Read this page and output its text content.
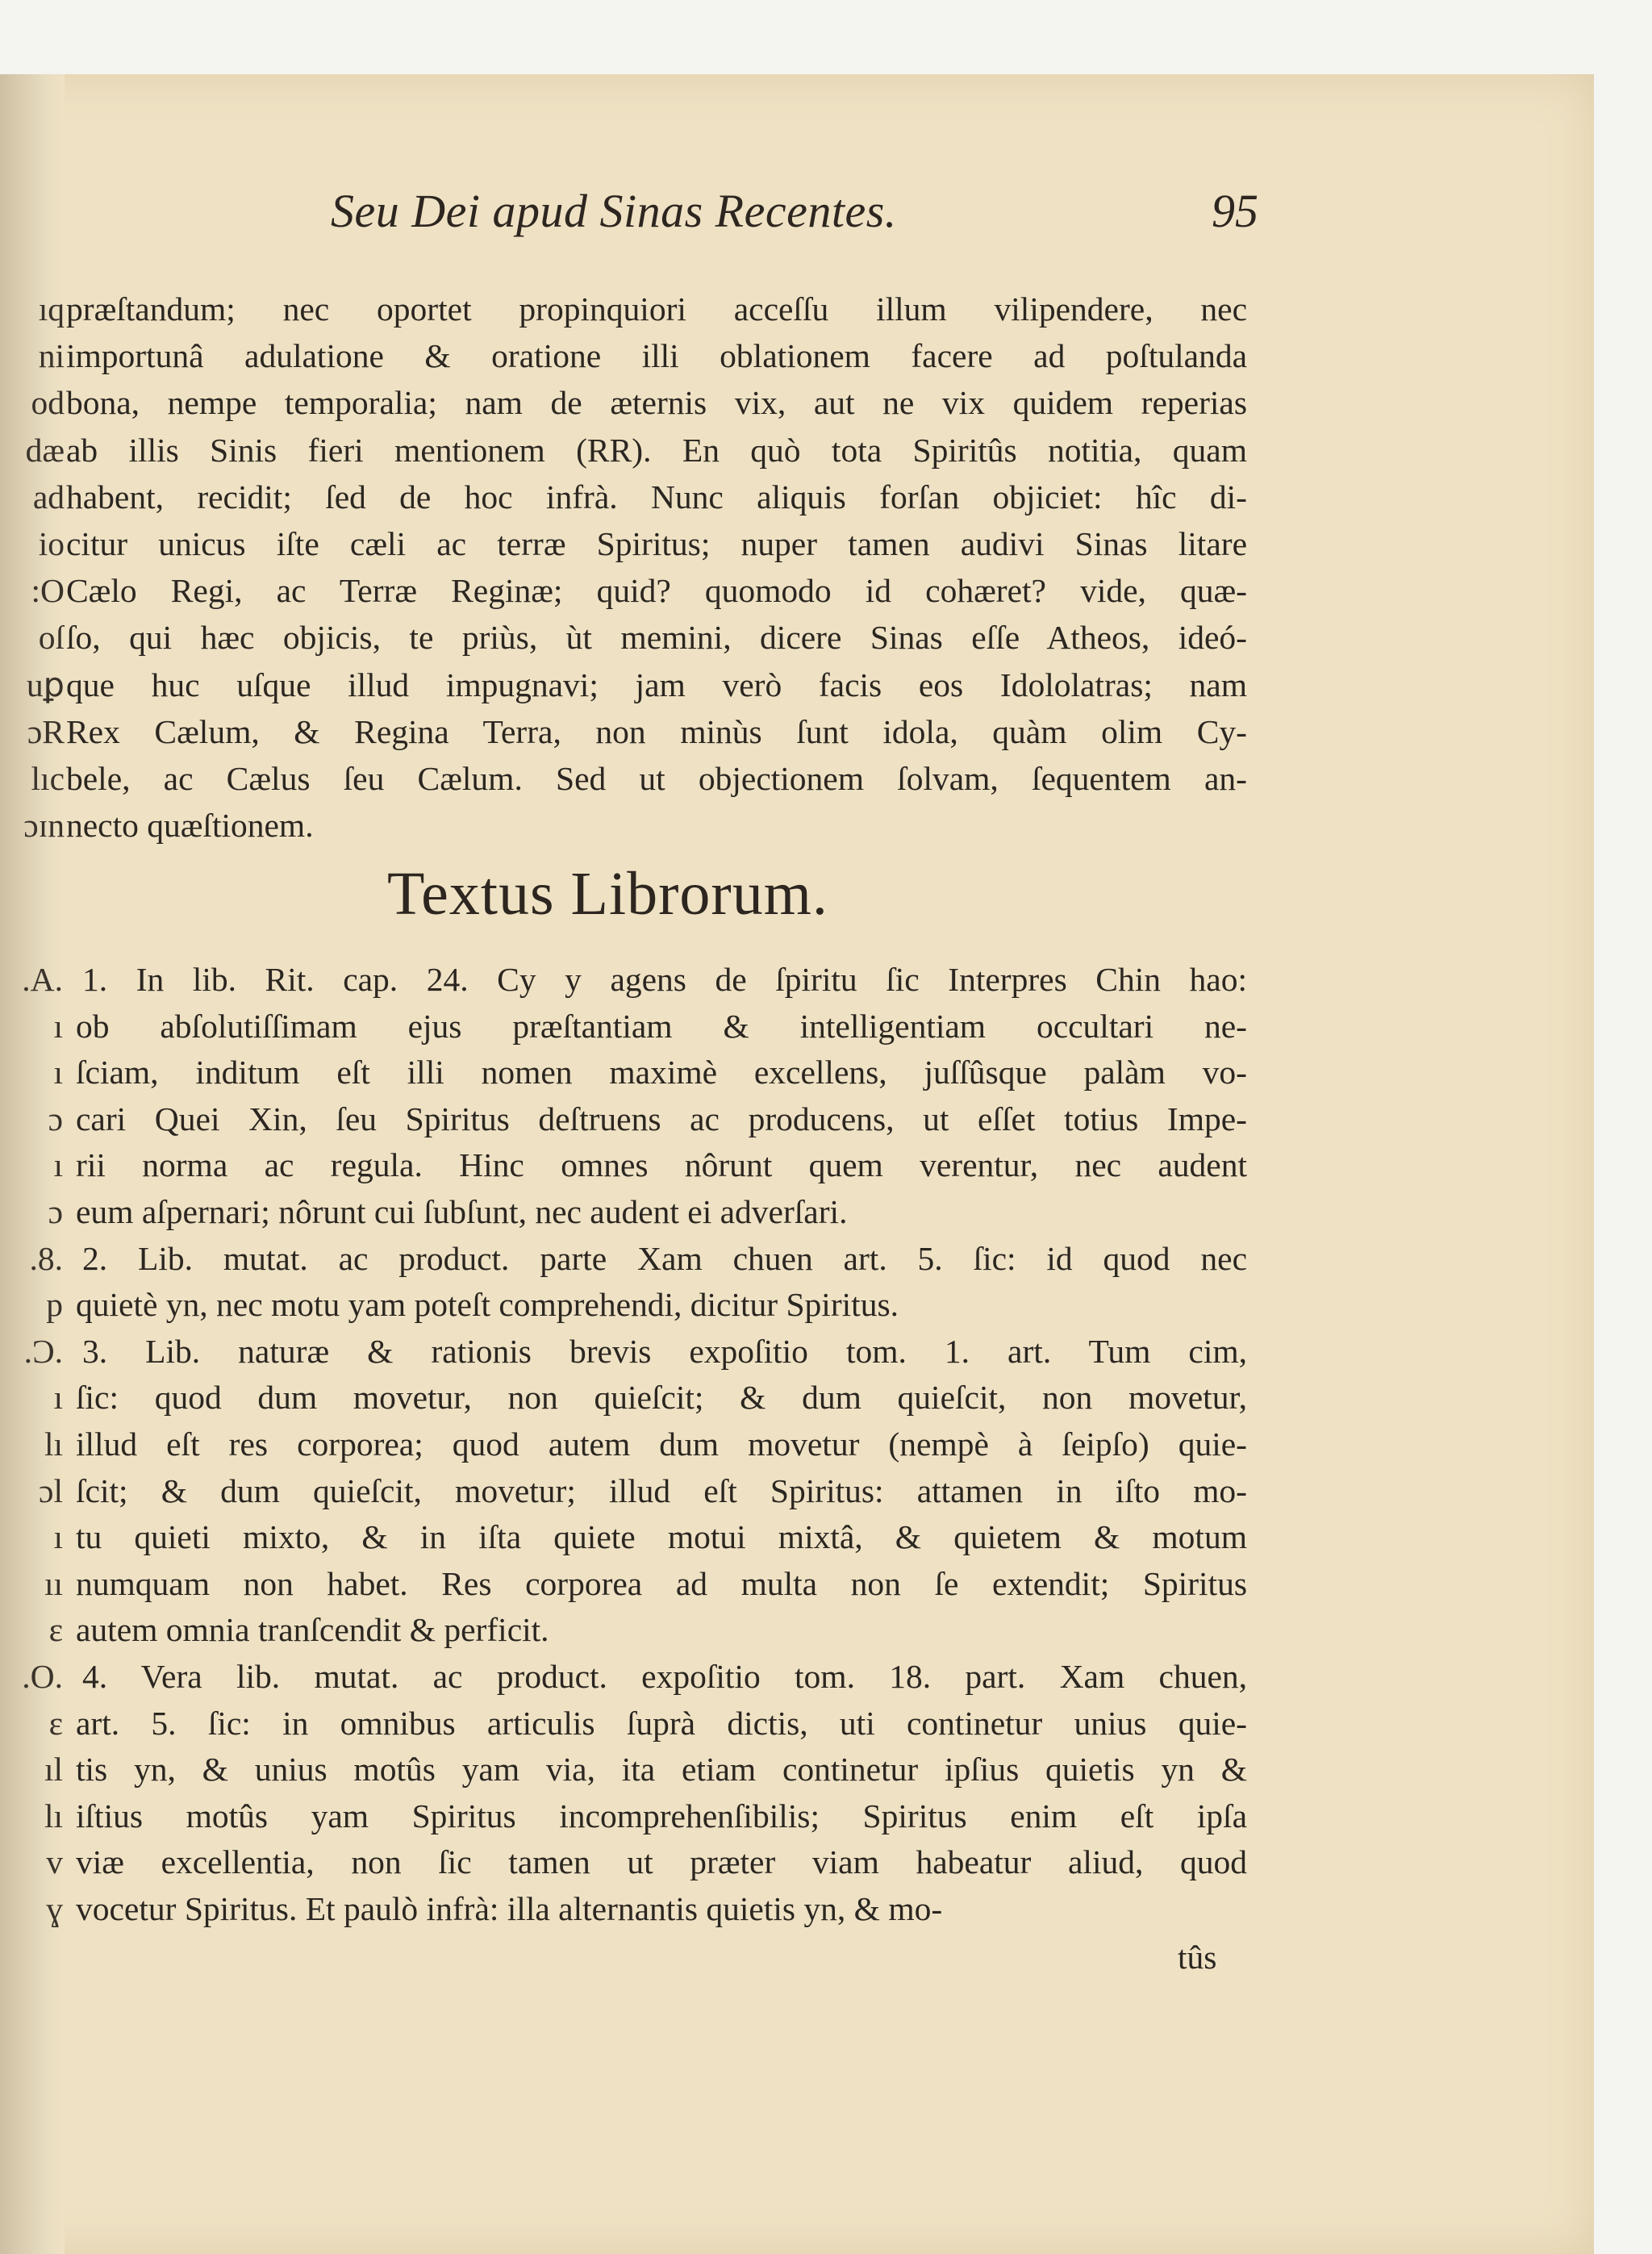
Seu Dei apud Sinas Recentes.	95
ıq præſtandum; nec oportet propinquiori acceſſu illum vilipendere, nec
ni importunâ adulatione & oratione illi oblationem facere ad poſtulanda
od bona, nempe temporalia; nam de æternis vix, aut ne vix quidem reperias
dæ ab illis Sinis fieri mentionem (RR). En quò tota Spiritûs notitia, quam
ad habent, recidit; ſed de hoc infrà. Nunc aliquis forſan objiciet: hîc di-
io citur unicus iſte cæli ac terræ Spiritus; nuper tamen audivi Sinas litare
:O Cælo Regi, ac Terræ Reginæ; quid? quomodo id cohæret? vide, quæ-
oſ ſo, qui hæc objicis, te priùs, ùt memini, dicere Sinas eſſe Atheos, ideó-
uꝑ que huc uſque illud impugnavi; jam verò facis eos Idololatras; nam
ɔR Rex Cælum, & Regina Terra, non minùs ſunt idola, quàm olim Cy-
lıc bele, ac Cælus ſeu Cælum. Sed ut objectionem ſolvam, ſequentem an-
ɔɪn necto quæſtionem.
Textus Librorum.
.A. 1. In lib. Rit. cap. 24. Cy y agens de ſpiritu ſic Interpres Chin hao:
ı ob abſolutiſſimam ejus præſtantiam & intelligentiam occultari ne-
ı ſciam, inditum eſt illi nomen maximè excellens, juſſûsque palàm vo-
ɔ cari Quei Xin, ſeu Spiritus deſtruens ac producens, ut eſſet totius Impe-
ı rii norma ac regula. Hinc omnes nôrunt quem verentur, nec audent
ɔ eum aſpernari; nôrunt cui ſubſunt, nec audent ei adverſari.
.8. 2. Lib. mutat. ac product. parte Xam chuen art. 5. ſic: id quod nec
p quietè yn, nec motu yam poteſt comprehendi, dicitur Spiritus.
.Ɔ. 3. Lib. naturæ & rationis brevis expoſitio tom. 1. art. Tum cim,
ı ſic: quod dum movetur, non quieſcit; & dum quieſcit, non movetur,
lı illud eſt res corporea; quod autem dum movetur (nempè à ſeipſo) quie-
ɔl ſcit; & dum quieſcit, movetur; illud eſt Spiritus: attamen in iſto mo-
ı tu quieti mixto, & in iſta quiete motui mixtâ, & quietem & motum
ıı numquam non habet. Res corporea ad multa non ſe extendit; Spiritus
ɛ autem omnia tranſcendit & perficit.
.O. 4. Vera lib. mutat. ac product. expoſitio tom. 18. part. Xam chuen,
ɛ art. 5. ſic: in omnibus articulis ſuprà dictis, uti continetur unius quie-
ıl tis yn, & unius motûs yam via, ita etiam continetur ipſius quietis yn &
lı iſtius motûs yam Spiritus incomprehenſibilis; Spiritus enim eſt ipſa
v viæ excellentia, non ſic tamen ut præter viam habeatur aliud, quod
ɣ vocetur Spiritus. Et paulò infrà: illa alternantis quietis yn, & mo-
tûs
